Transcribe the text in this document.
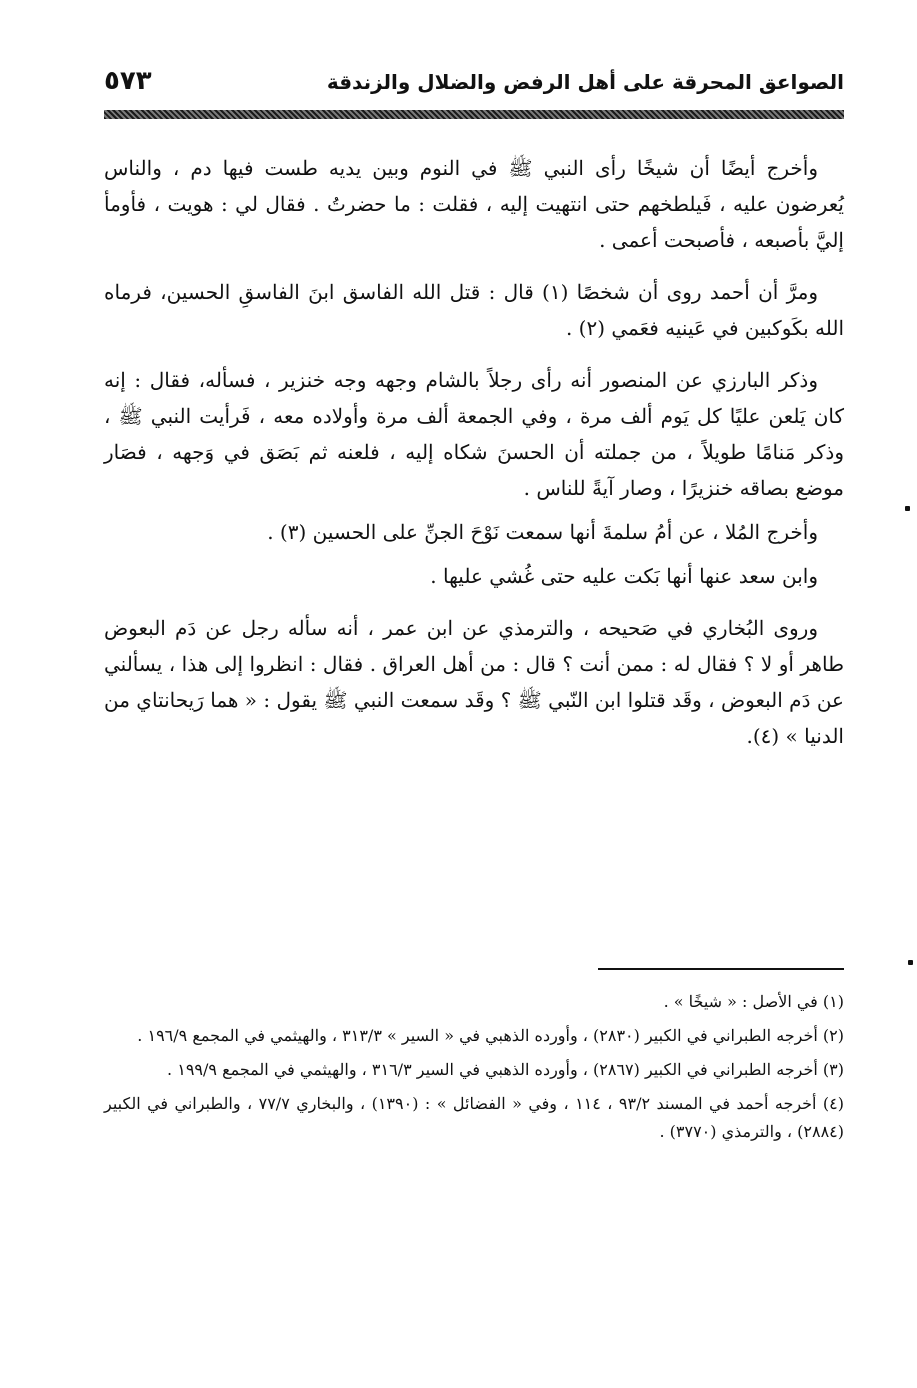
الصواعق المحرقة على أهل الرفض والضلال والزندقة
٥٧٣

وأخرج أيضًا أن شيخًا رأى النبي ﷺ في النوم وبين يديه طست فيها دم ، والناس يُعرضون عليه ، فَيلطخهم حتى انتهيت إليه ، فقلت : ما حضرتُ . فقال لي : هويت ، فأومأ إليَّ بأصبعه ، فأصبحت أعمى .

ومرَّ أن أحمد روى أن شخصًا (١) قال : قتل الله الفاسق ابنَ الفاسقِ الحسين، فرماه الله بكَوكبين في عَينيه فعَمي (٢) .

وذكر البارزي عن المنصور أنه رأى رجلاً بالشام وجهه وجه خنزير ، فسأله، فقال : إنه كان يَلعن عليًا كل يَوم ألف مرة ، وفي الجمعة ألف مرة وأولاده معه ، فَرأيت النبي ﷺ ، وذكر مَنامًا طويلاً ، من جملته أن الحسنَ شكاه إليه ، فلعنه ثم بَصَق في وَجهه ، فصَار موضع بصاقه خنزيرًا ، وصار آيةً للناس .

وأخرج المُلا ، عن أمُ سلمةَ أنها سمعت نَوْحَ الجنِّ على الحسين (٣) .

وابن سعد عنها أنها بَكت عليه حتى غُشي عليها .

وروى البُخاري في صَحيحه ، والترمذي عن ابن عمر ، أنه سأله رجل عن دَم البعوض طاهر أو لا ؟ فقال له : ممن أنت ؟ قال : من أهل العراق . فقال : انظروا إلى هذا ، يسألني عن دَم البعوض ، وقَد قتلوا ابن النّبي ﷺ ؟ وقَد سمعت النبي ﷺ يقول : « هما رَيحانتاي من الدنيا » (٤).

(١) في الأصل : « شيخًا » .

(٢) أخرجه الطبراني في الكبير (٢٨٣٠) ، وأورده الذهبي في « السير » ٣١٣/٣ ، والهيثمي في المجمع ١٩٦/٩ .

(٣) أخرجه الطبراني في الكبير (٢٨٦٧) ، وأورده الذهبي في السير ٣١٦/٣ ، والهيثمي في المجمع ١٩٩/٩ .

(٤) أخرجه أحمد في المسند ٩٣/٢ ، ١١٤ ، وفي « الفضائل » : (١٣٩٠) ، والبخاري ٧٧/٧ ، والطبراني في الكبير (٢٨٨٤) ، والترمذي (٣٧٧٠) .
